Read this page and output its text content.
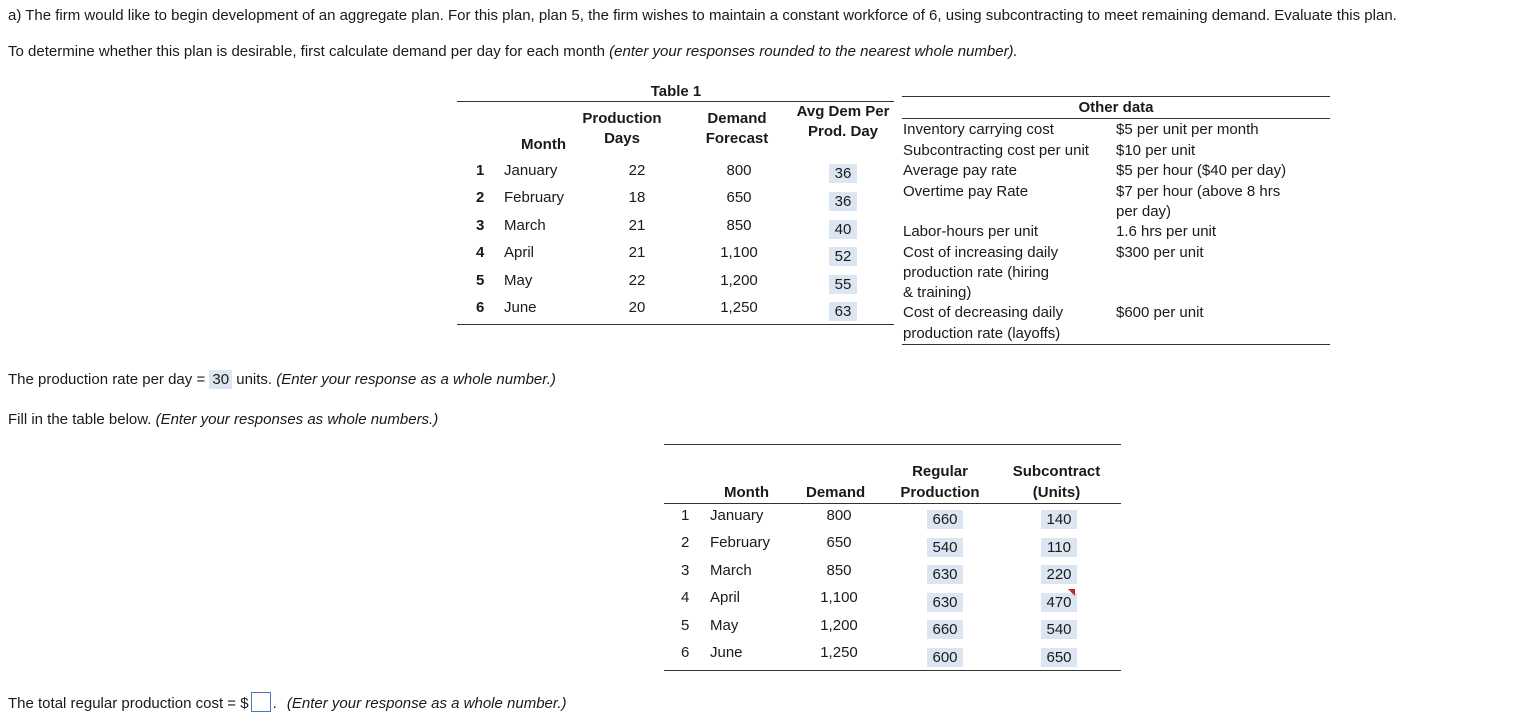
a) The firm would like to begin development of an aggregate plan. For this plan, plan 5, the firm wishes to maintain a constant workforce of 6, using subcontracting to meet remaining demand. Evaluate this plan.
To determine whether this plan is desirable, first calculate demand per day for each month (enter your responses rounded to the nearest whole number).
Table 1
Production
Days
Demand
Forecast
Avg Dem Per
Prod. Day
Month
1 January	22	800	36
2 February	18	650	36
3 March	21	850	40
4 April	21	1,100	52
5 May	22	1,200	55
6 June	20	1,250	63
Other data
Inventory carrying cost	$5 per unit per month
Subcontracting cost per unit $10 per unit
Average pay rate	$5 per hour ($40 per day)
Overtime pay Rate	$7 per hour (above 8 hrs
per day)
Labor-hours per unit	1.6 hrs per unit
Cost of increasing daily
production rate (hiring
& training)
$300 per unit
Cost of decreasing daily
production rate (layoffs)
$600 per unit
The production rate per day = 30 units. (Enter your response as a whole number.)
Fill in the table below. (Enter your responses as whole numbers.)
Regular
Production
Subcontract
(Units)
Month Demand
1 January	800	660	140
2 February	650	540	110
3 March	850	630	220
4 April	1,100	630	470
5 May	1,200	660	540
6 June	1,250	600	650
The total regular production cost = $ . (Enter your response as a whole number.)
